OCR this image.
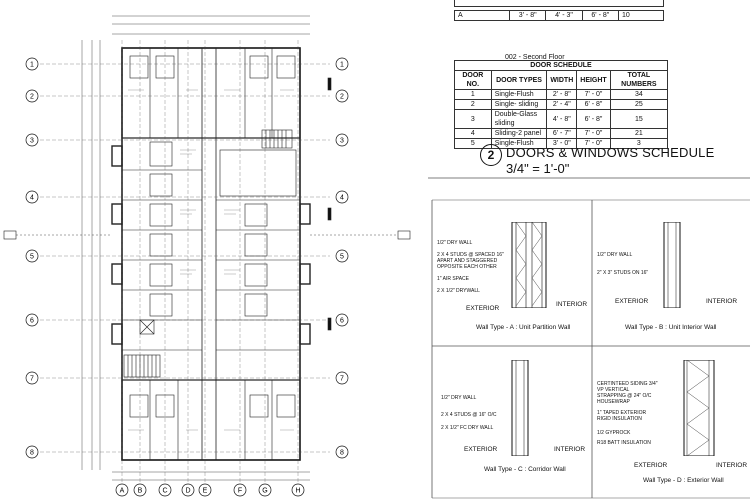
1	1
2	2
3	3
4	4
5	5
6	6
7	7
8	8
A B	C	D E	F	G	H
A	3' - 8"	4' - 3"	6' - 8"	10
002 - Second Floor
DOOR SCHEDULE				
DOOR NO.	DOOR TYPES	WIDTH	HEIGHT	TOTAL NUMBERS
1	Single-Flush	2' - 8"	7' - 0"	34
2	Single- sliding	2' - 4"	6' - 8"	25
3	Double-Glass sliding	4' - 8"	6' - 8"	15
4	Sliding-2 panel	6' - 7"	7' - 0"	21
5	Single-Flush	3' - 0"	7' - 0"	3
2 DOORS & WINDOWS SCHEDULE
3/4" = 1'-0"
1/2" DRY WALL
2 X 4 STUDS @ SPACED 16" APART AND STAGGERED OPPOSITE EACH OTHER
1" AIR SPACE
2 X 1/2" DRYWALL
EXTERIOR
INTERIOR
Wall Type - A : Unit Partition Wall
1/2" DRY WALL
2" X 3" STUDS ON 16"
EXTERIOR	INTERIOR
Wall Type - B : Unit Interior Wall
1/2" DRY WALL
2 X 4 STUDS @ 16" O/C
2 X 1/2" FC DRY WALL
EXTERIOR	INTERIOR
Wall Type - C : Corridor Wall
CERTINTEED SIDING 3/4" VP VERTICAL STRAPPING @ 24" O/C HOUSEWRAP
1" TAPED EXTERIOR RIGID INSULATION
1/2 GYPROCK
R18 BATT INSULATION
EXTERIOR	INTERIOR
Wall Type - D : Exterior Wall
